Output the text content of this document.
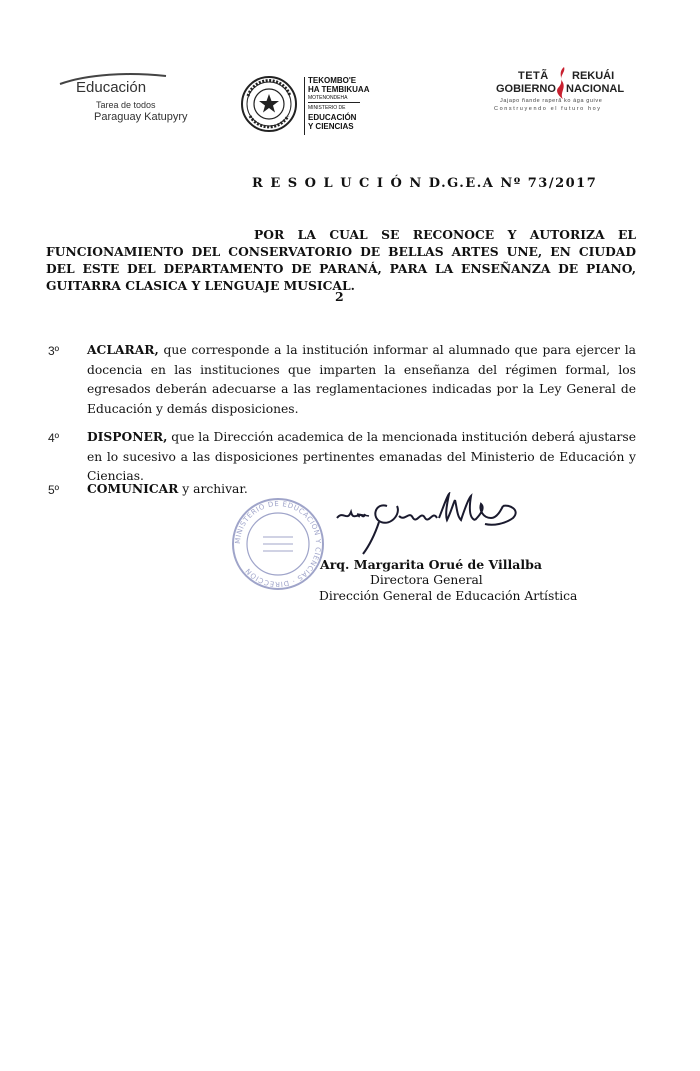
Educación
Tarea de todos
Paraguay Katupyry
TEKOMBO'E
HA TEMBIKUAA
MOTENONDEHA
MINISTERIO DE
EDUCACIÓN
Y CIENCIAS
TETÃ REKUÁI
GOBIERNO NACIONAL
Jajapo ñande raperã ko ága guive
Construyendo el futuro hoy
R E S O L U C I Ó N D.G.E.A Nº 73/2017
POR LA CUAL SE RECONOCE Y AUTORIZA EL
FUNCIONAMIENTO DEL CONSERVATORIO DE BELLAS ARTES UNE, EN CIUDAD DEL ESTE DEL DEPARTAMENTO DE PARANÁ, PARA LA ENSEÑANZA DE PIANO, GUITARRA CLASICA Y LENGUAJE MUSICAL.
2
3º ACLARAR, que corresponde a la institución informar al alumnado que para ejercer la docencia en las instituciones que imparten la enseñanza del régimen formal, los egresados deberán adecuarse a las reglamentaciones indicadas por la Ley General de Educación y demás disposiciones.
4º DISPONER, que la Dirección academica de la mencionada institución deberá ajustarse en lo sucesivo a las disposiciones pertinentes emanadas del Ministerio de Educación y Ciencias.
5º COMUNICAR y archivar.
MINISTERIO DE EDUCACIÓN Y CIENCIAS · DIRECCIÓN	Arq. Margarita Orué de Villalba
Directora General
Dirección General de Educación Artística
